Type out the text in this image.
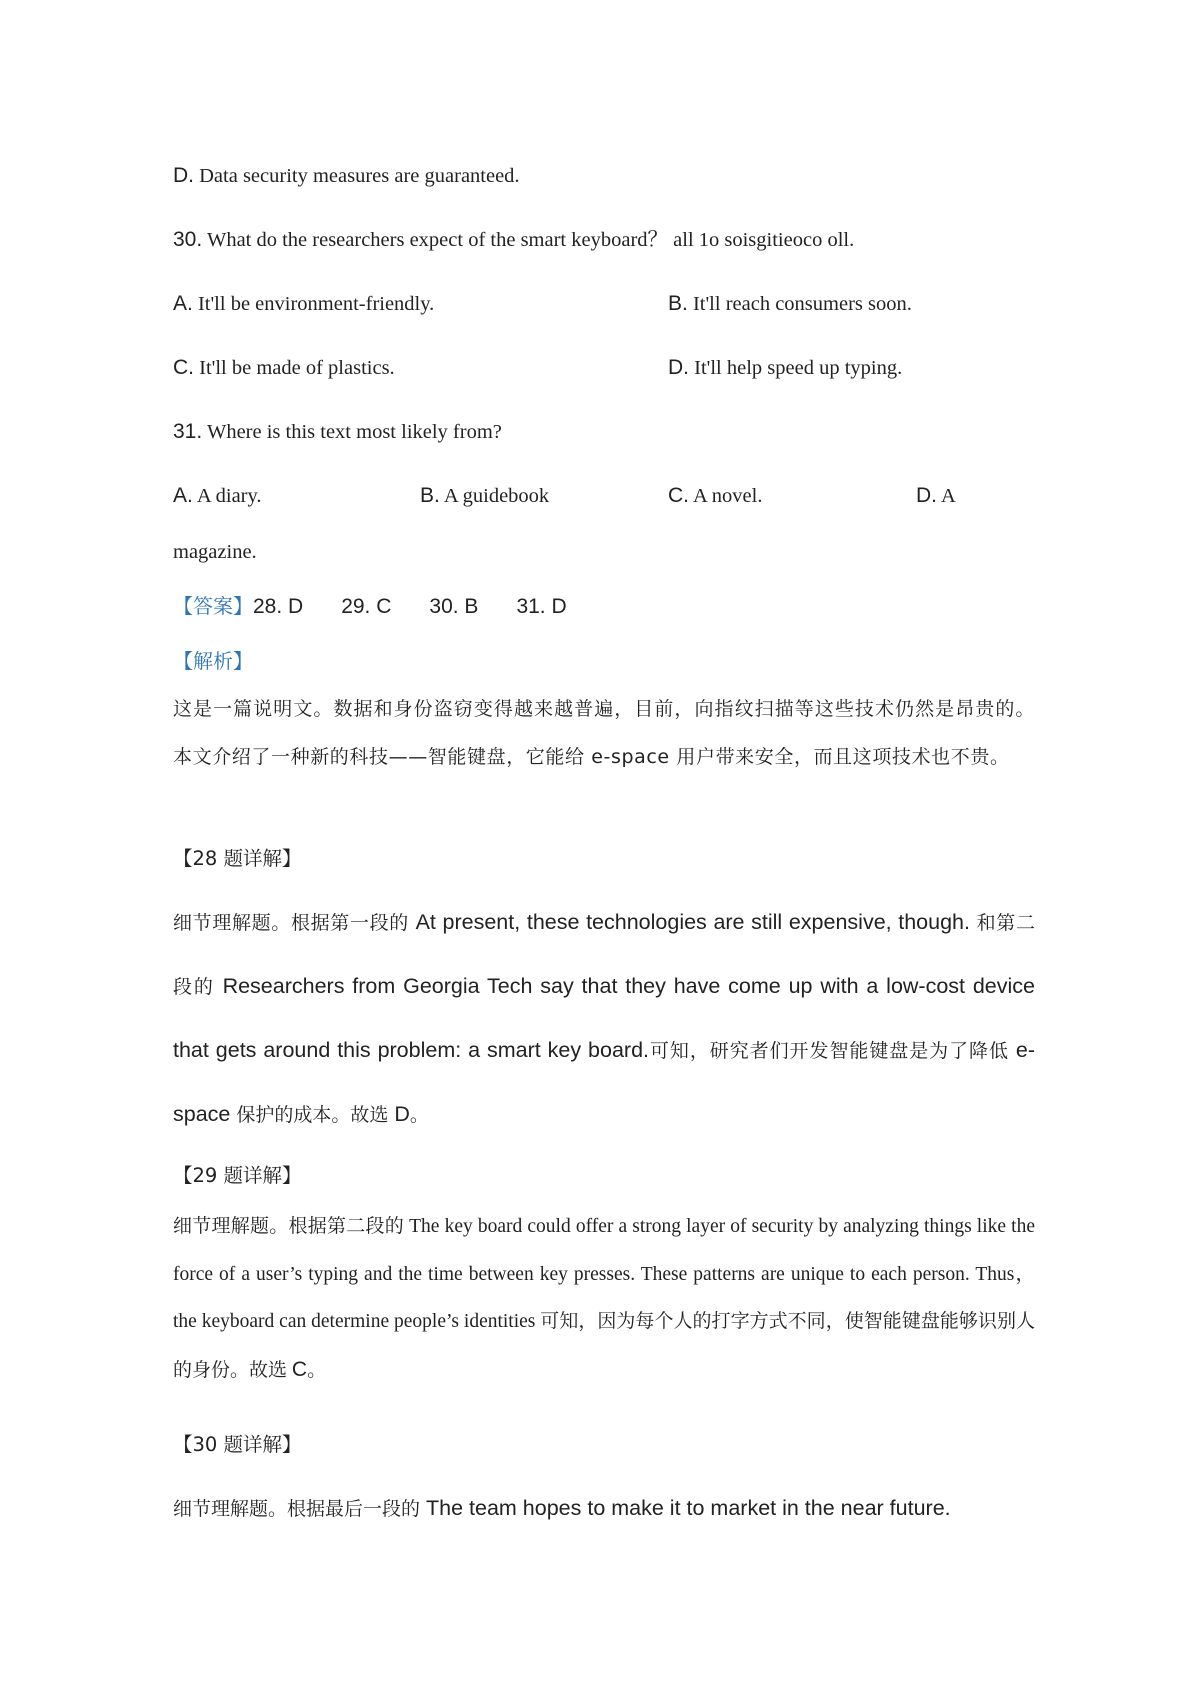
D. Data security measures are guaranteed.
30. What do the researchers expect of the smart keyboard？ all 1o soisgitieoco oll.
A. It'll be environment-friendly.	B. It'll reach consumers soon.
C. It'll be made of plastics.	D. It'll help speed up typing.
31. Where is this text most likely from?
A. A diary.	B. A guidebook	C. A novel.	D. A
magazine.
【答案】28. D 29. C 30. B 31. D
【解析】

这是一篇说明文。数据和身份盗窃变得越来越普遍，目前，向指纹扫描等这些技术仍然是昂贵的。本文介绍了一种新的科技——智能键盘，它能给 e-space 用户带来安全，而且这项技术也不贵。

【28 题详解】

细节理解题。根据第一段的 At present, these technologies are still expensive, though. 和第二段的 Researchers from Georgia Tech say that they have come up with a low-cost device that gets around this problem: a smart key board.可知，研究者们开发智能键盘是为了降低 e-space 保护的成本。故选 D。

【29 题详解】

细节理解题。根据第二段的 The key board could offer a strong layer of security by analyzing things like the force of a user’s typing and the time between key presses. These patterns are unique to each person. Thus，the keyboard can determine people’s identities 可知，因为每个人的打字方式不同，使智能键盘能够识别人的身份。故选 C。

【30 题详解】

细节理解题。根据最后一段的 The team hopes to make it to market in the near future.
